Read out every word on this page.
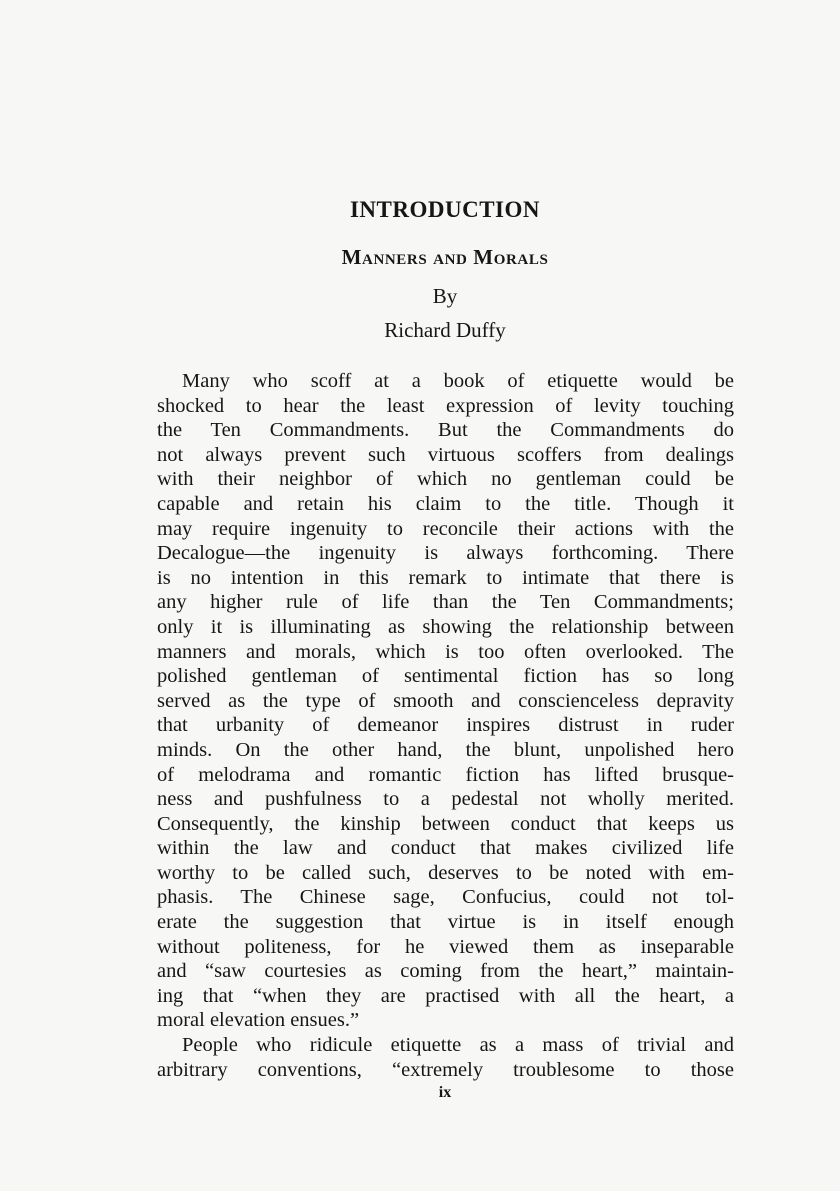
INTRODUCTION
Manners and Morals
By
Richard Duffy
Many who scoff at a book of etiquette would be
shocked to hear the least expression of levity touching
the Ten Commandments. But the Commandments do
not always prevent such virtuous scoffers from dealings
with their neighbor of which no gentleman could be
capable and retain his claim to the title. Though it
may require ingenuity to reconcile their actions with the
Decalogue—the ingenuity is always forthcoming. There
is no intention in this remark to intimate that there is
any higher rule of life than the Ten Commandments;
only it is illuminating as showing the relationship between
manners and morals, which is too often overlooked. The
polished gentleman of sentimental fiction has so long
served as the type of smooth and conscienceless depravity
that urbanity of demeanor inspires distrust in ruder
minds. On the other hand, the blunt, unpolished hero
of melodrama and romantic fiction has lifted brusque-
ness and pushfulness to a pedestal not wholly merited.
Consequently, the kinship between conduct that keeps us
within the law and conduct that makes civilized life
worthy to be called such, deserves to be noted with em-
phasis. The Chinese sage, Confucius, could not tol-
erate the suggestion that virtue is in itself enough
without politeness, for he viewed them as inseparable
and “saw courtesies as coming from the heart,” maintain-
ing that “when they are practised with all the heart, a
moral elevation ensues.”
People who ridicule etiquette as a mass of trivial and
arbitrary conventions, “extremely troublesome to those
ix
